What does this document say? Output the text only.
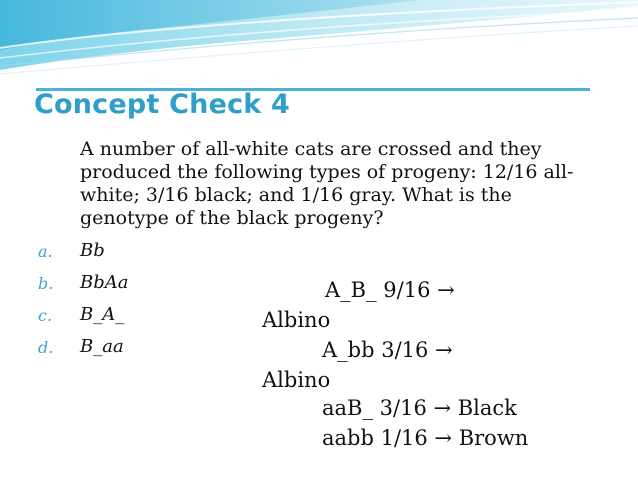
Concept Check 4
A number of all-white cats are crossed and they produced the following types of progeny: 12/16 all-white; 3/16 black; and 1/16 gray. What is the genotype of the black progeny?
a. Bb
b. BbAa
c. B_A_
d. B_aa
A_B_ 9/16 →
Albino
A_bb 3/16 →
Albino
aaB_ 3/16 → Black
aabb 1/16 → Brown
